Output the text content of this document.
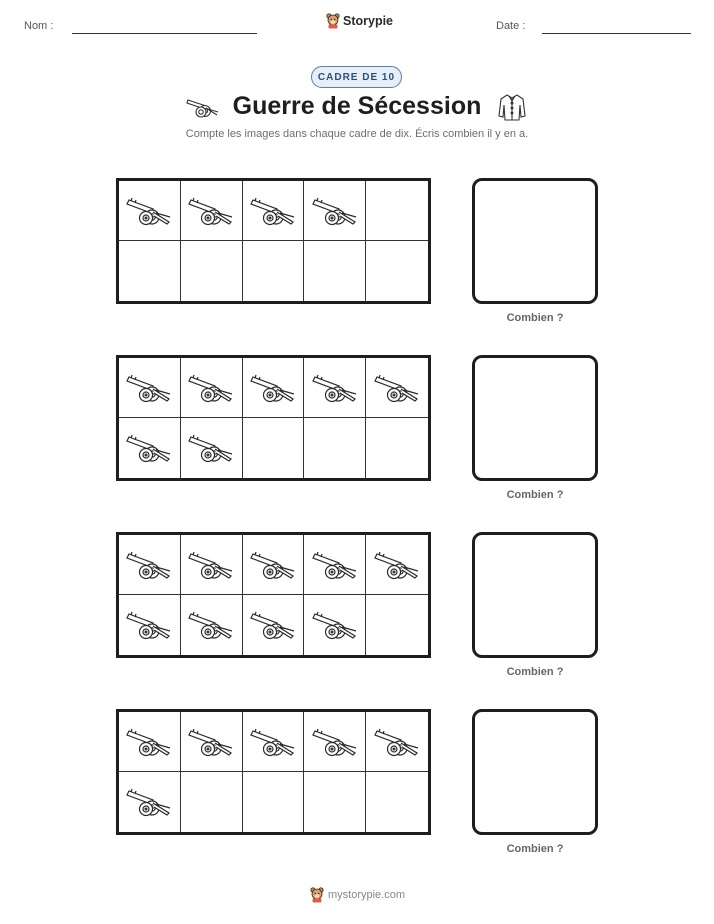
Nom :	Storypie	Date :
CADRE DE 10
Guerre de Sécession
Compte les images dans chaque cadre de dix. Écris combien il y en a.
Combien ?
Combien ?
Combien ?
Combien ?
mystorypie.com
